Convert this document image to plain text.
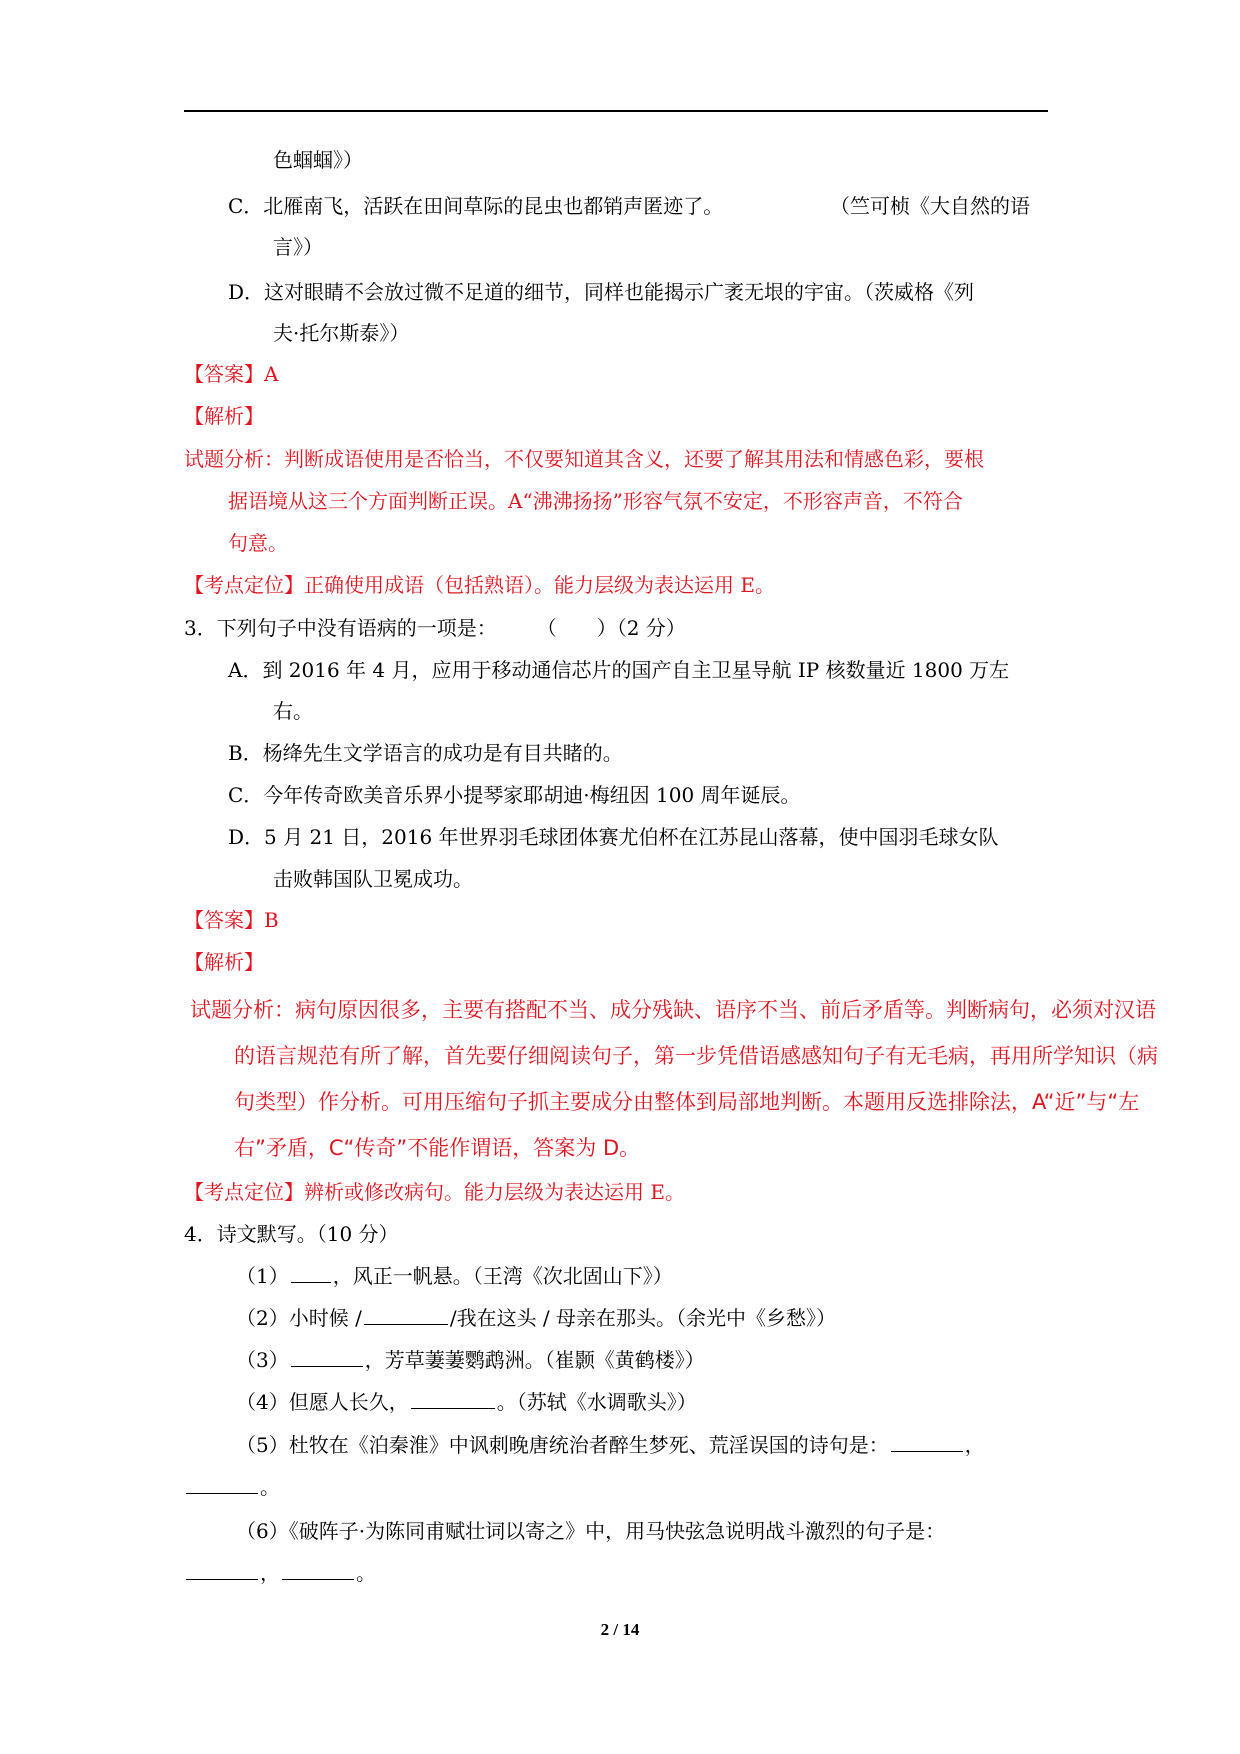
色蝈蝈》）
C．北雁南飞，活跃在田间草际的昆虫也都销声匿迹了。	（竺可桢《大自然的语
言》）
D．这对眼睛不会放过微不足道的细节，同样也能揭示广袤无垠的宇宙。（茨威格《列
夫·托尔斯泰》）
【答案】A
【解析】
试题分析：判断成语使用是否恰当，不仅要知道其含义，还要了解其用法和情感色彩，要根
据语境从这三个方面判断正误。A“沸沸扬扬”形容气氛不安定，不形容声音，不符合
句意。
【考点定位】正确使用成语（包括熟语）。能力层级为表达运用 E。
3．下列句子中没有语病的一项是：　　　（　　）（2 分）
A．到 2016 年 4 月，应用于移动通信芯片的国产自主卫星导航 IP 核数量近 1800 万左
右。
B．杨绛先生文学语言的成功是有目共睹的。
C．今年传奇欧美音乐界小提琴家耶胡迪·梅纽因 100 周年诞辰。
D．5 月 21 日，2016 年世界羽毛球团体赛尤伯杯在江苏昆山落幕，使中国羽毛球女队
击败韩国队卫冕成功。
【答案】B
【解析】
试题分析：病句原因很多，主要有搭配不当、成分残缺、语序不当、前后矛盾等。判断病句，必须对汉语
的语言规范有所了解，首先要仔细阅读句子，第一步凭借语感感知句子有无毛病，再用所学知识（病
句类型）作分析。可用压缩句子抓主要成分由整体到局部地判断。本题用反选排除法，A“近”与“左
右”矛盾，C“传奇”不能作谓语，答案为 D。
【考点定位】辨析或修改病句。能力层级为表达运用 E。
4．诗文默写。（10 分）
（1） ，风正一帆悬。（王湾《次北固山下》）
（2）小时候 /	/我在这头 / 母亲在那头。（余光中《乡愁》）
（3）	，芳草萋萋鹦鹉洲。（崔颢《黄鹤楼》）
（4）但愿人长久，	。（苏轼《水调歌头》）
（5）杜牧在《泊秦淮》中讽刺晚唐统治者醉生梦死、荒淫误国的诗句是：	，
。
（6）《破阵子·为陈同甫赋壮词以寄之》中，用马快弦急说明战斗激烈的句子是：
，	。
2 / 14
